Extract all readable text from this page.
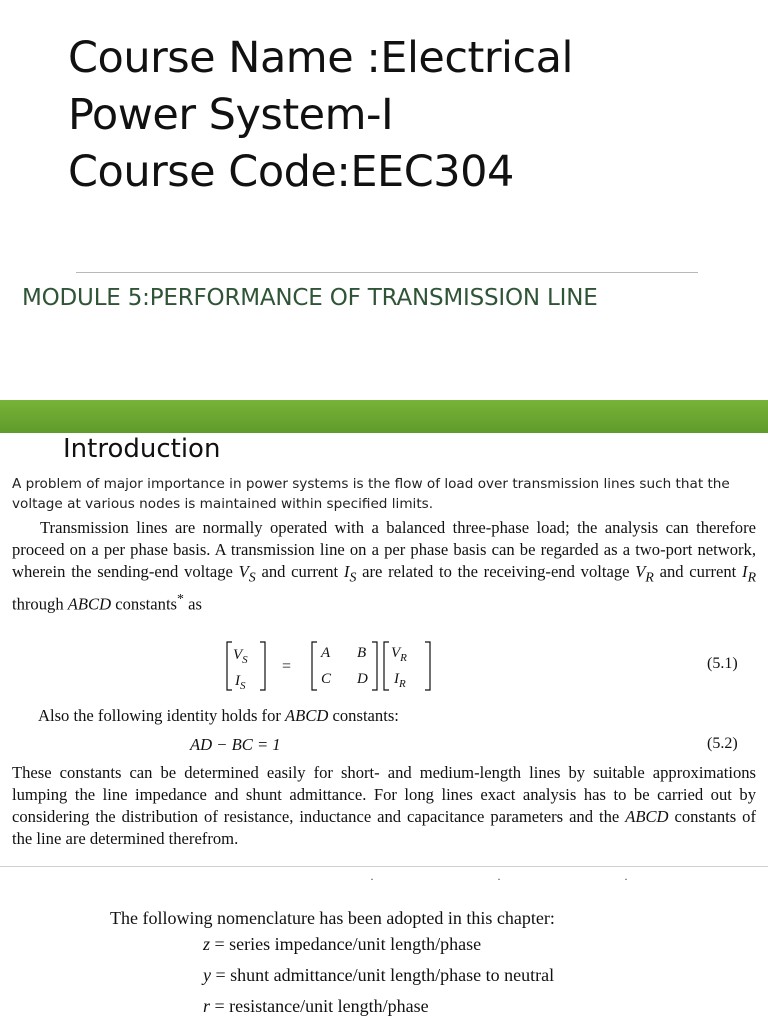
Course Name :Electrical
Power System-I
Course Code:EEC304
MODULE 5:PERFORMANCE OF TRANSMISSION LINE
Introduction
A problem of major importance in power systems is the flow of load over transmission lines such that the voltage at various nodes is maintained within specified limits.
Transmission lines are normally operated with a balanced three-phase load; the analysis can therefore proceed on a per phase basis. A transmission line on a per phase basis can be regarded as a two-port network, wherein the sending-end voltage $V_S$ and current $I_S$ are related to the receiving-end voltage $V_R$ and current $I_R$ through ABCD constants* as
$V_S$
$I_S$
A B
C D
$V_R$
$I_R$
=	(5.1)
Also the following identity holds for ABCD constants:
AD − BC = 1	(5.2)
These constants can be determined easily for short- and medium-length lines by suitable approximations lumping the line impedance and shunt admittance. For long lines exact analysis has to be carried out by considering the distribution of resistance, inductance and capacitance parameters and the ABCD constants of the line are determined therefrom.
· · ·
The following nomenclature has been adopted in this chapter:
z = series impedance/unit length/phase
y = shunt admittance/unit length/phase to neutral
r = resistance/unit length/phase
